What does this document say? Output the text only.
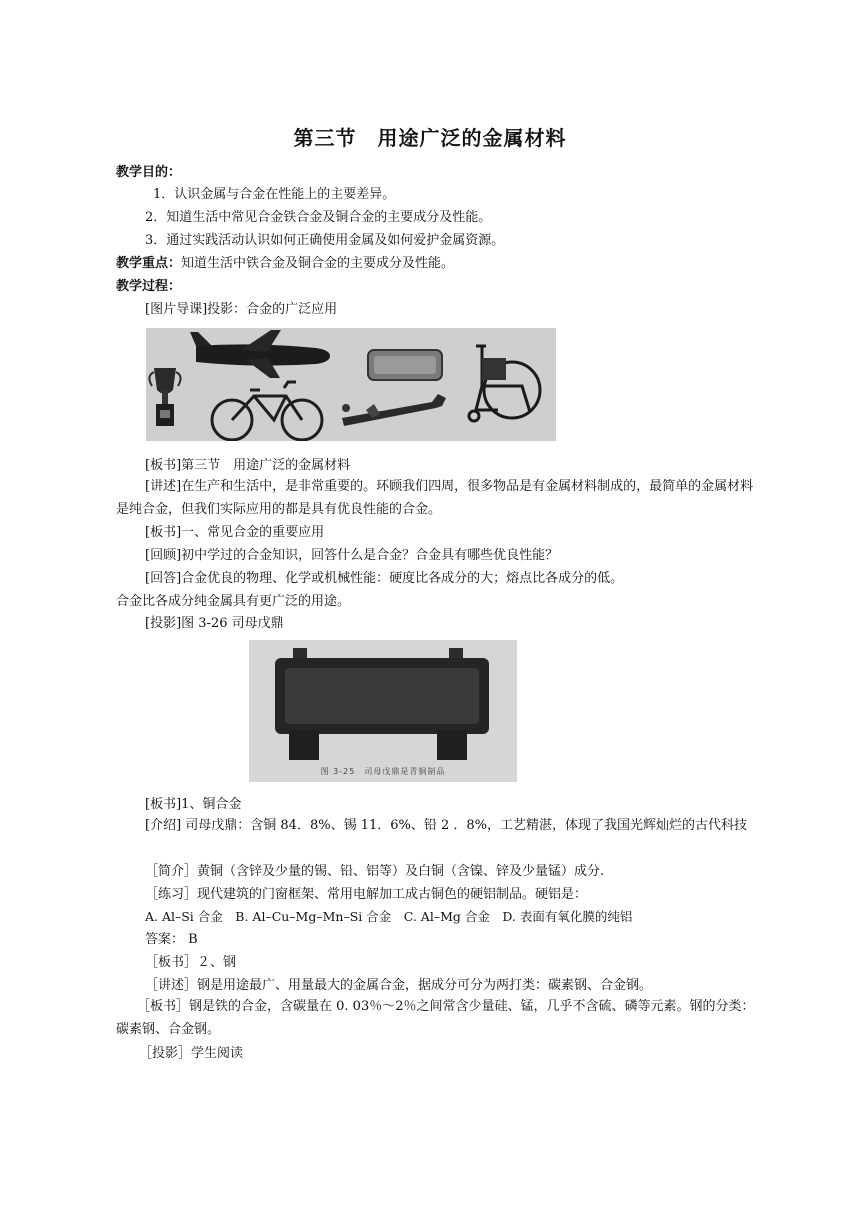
第三节　用途广泛的金属材料
教学目的：
1．认识金属与合金在性能上的主要差异。
2．知道生活中常见合金铁合金及铜合金的主要成分及性能。
3．通过实践活动认识如何正确使用金属及如何爱护金属资源。
教学重点：知道生活中铁合金及铜合金的主要成分及性能。
教学过程：
[图片导课]投影：合金的广泛应用
[板书]第三节　用途广泛的金属材料
[讲述]在生产和生活中，是非常重要的。环顾我们四周，很多物品是有金属材料制成的，最简单的金属材料是纯合金，但我们实际应用的都是具有优良性能的合金。
[板书]一、常见合金的重要应用
[回顾]初中学过的合金知识，回答什么是合金？合金具有哪些优良性能？
[回答]合金优良的物理、化学或机械性能：硬度比各成分的大；熔点比各成分的低。
合金比各成分纯金属具有更广泛的用途。
[投影]图 3-26 司母戊鼎
图 3-25　司母戊鼎是青铜制品
[板书]1、铜合金
[介绍] 司母戊鼎：含铜 84．8%、锡 11．6%、铅 2 ．8%，工艺精湛，体现了我国光辉灿烂的古代科技
［简介］黄铜（含锌及少量的锡、铅、铝等）及白铜（含镍、锌及少量锰）成分.
［练习］现代建筑的门窗框架、常用电解加工成古铜色的硬铝制品。硬铝是：
A. Al–Si 合金　B. Al–Cu–Mg–Mn–Si 合金　C. Al–Mg 合金　D. 表面有氧化膜的纯铝
答案： B
［板书］２、钢
［讲述］钢是用途最广、用量最大的金属合金，据成分可分为两打类：碳素钢、合金钢。
［板书］钢是铁的合金，含碳量在 0. 03％～2％之间常含少量硅、锰，几乎不含硫、磷等元素。钢的分类：碳素钢、合金钢。
［投影］学生阅读
